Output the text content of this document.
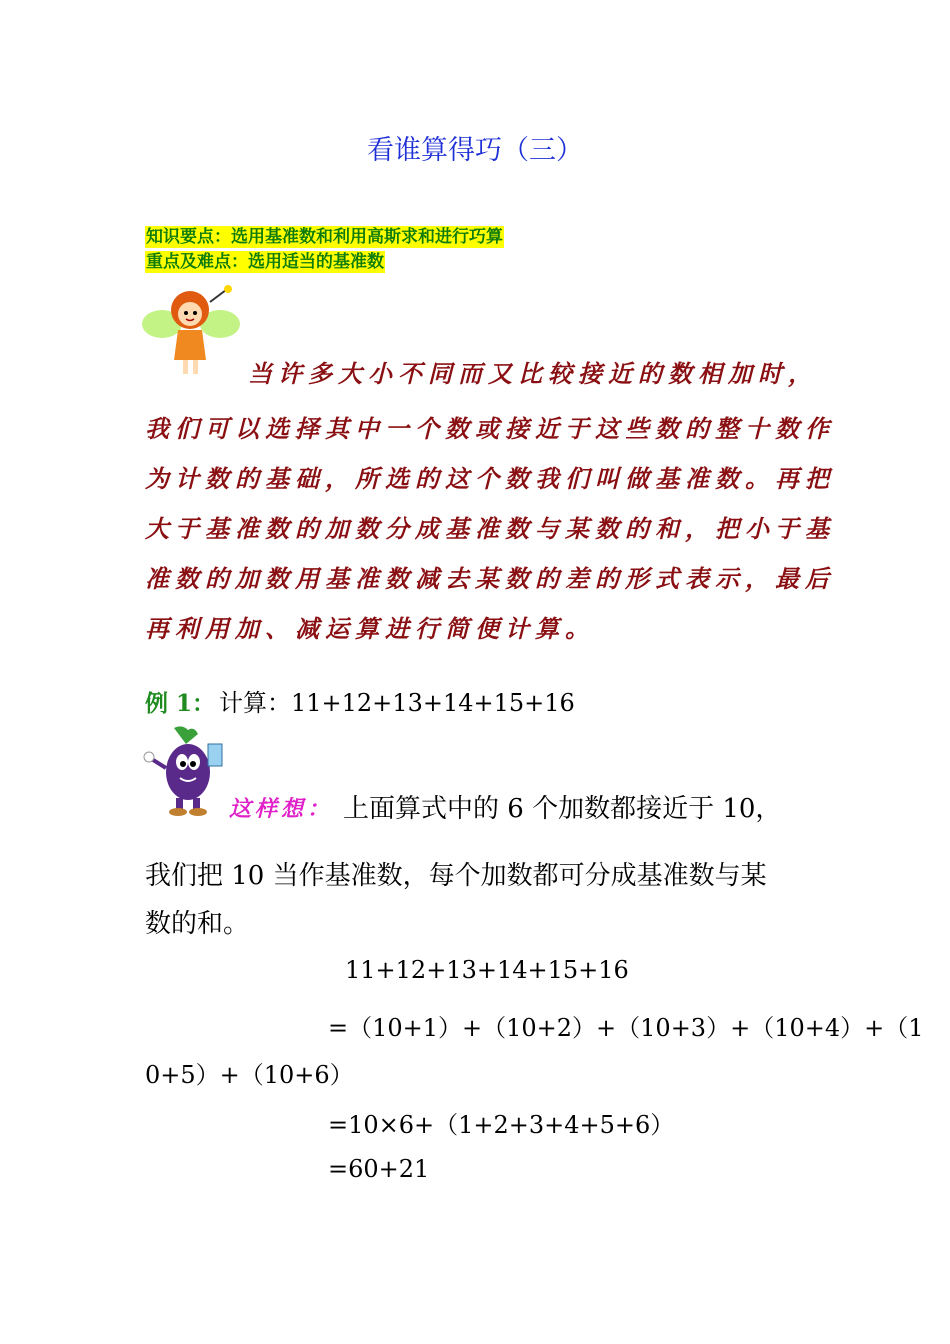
看谁算得巧（三）
知识要点：选用基准数和利用高斯求和进行巧算
重点及难点：选用适当的基准数
当许多大小不同而又比较接近的数相加时，
我们可以选择其中一个数或接近于这些数的整十数作
为计数的基础，所选的这个数我们叫做基准数。再把
大于基准数的加数分成基准数与某数的和，把小于基
准数的加数用基准数减去某数的差的形式表示，最后
再利用加、减运算进行简便计算。
例 1： 计算：11+12+13+14+15+16
这样想： 上面算式中的 6 个加数都接近于 10，
我们把 10 当作基准数，每个加数都可分成基准数与某
数的和。
11+12+13+14+15+16
=（10+1）+（10+2）+（10+3）+（10+4）+（1
0+5）+（10+6）
=10×6+（1+2+3+4+5+6）
=60+21
